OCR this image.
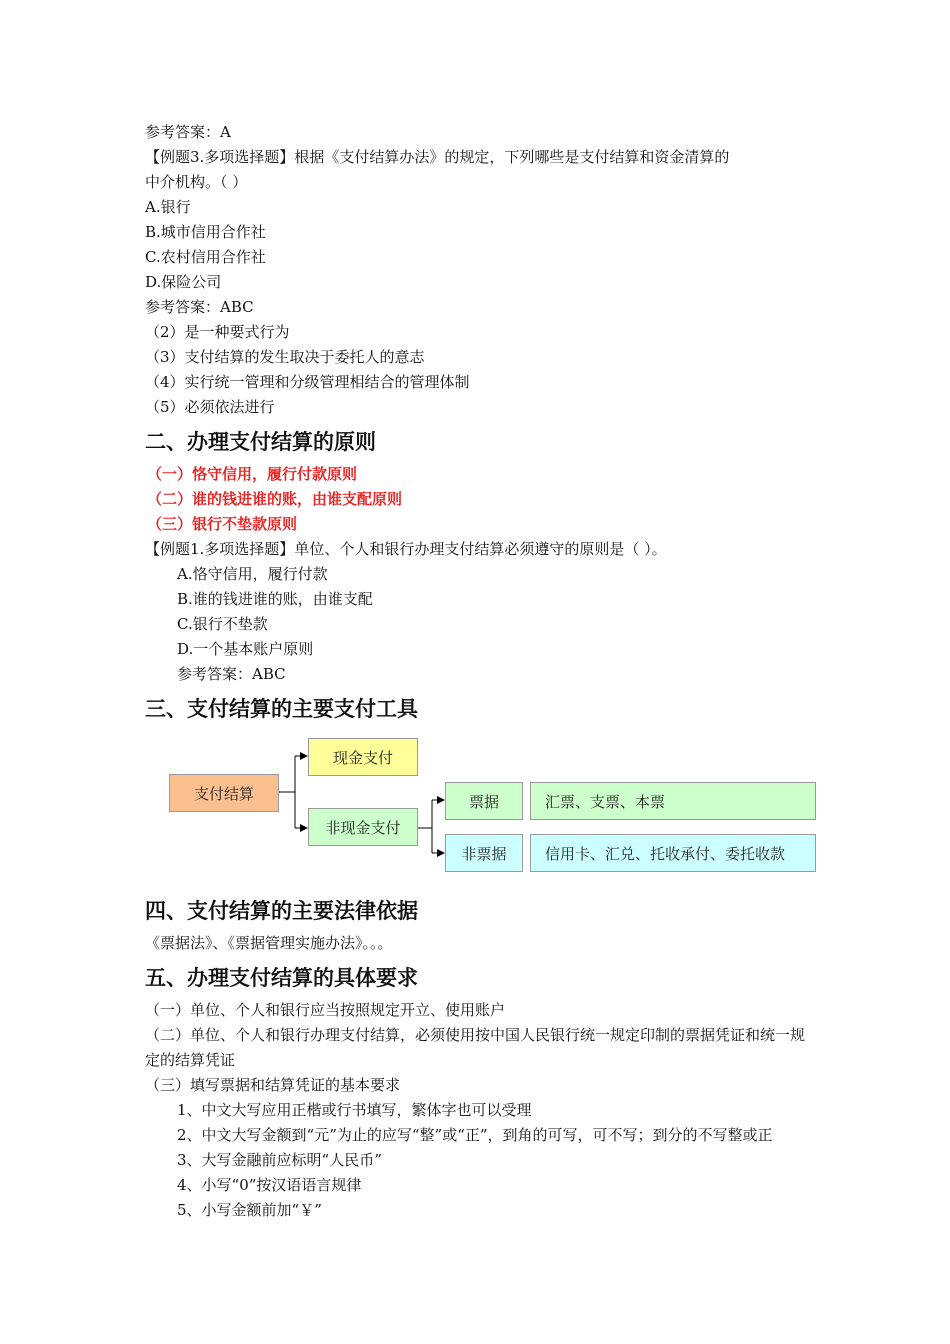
参考答案：A
【例题3.多项选择题】根据《支付结算办法》的规定，下列哪些是支付结算和资金清算的
中介机构。（ ）
A.银行
B.城市信用合作社
C.农村信用合作社
D.保险公司
参考答案：ABC
（2）是一种要式行为
（3）支付结算的发生取决于委托人的意志
（4）实行统一管理和分级管理相结合的管理体制
（5）必须依法进行
二、办理支付结算的原则
（一）恪守信用，履行付款原则
（二）谁的钱进谁的账，由谁支配原则
（三）银行不垫款原则
【例题1.多项选择题】单位、个人和银行办理支付结算必须遵守的原则是（ ）。
A.恪守信用，履行付款
B.谁的钱进谁的账，由谁支配
C.银行不垫款
D.一个基本账户原则
参考答案：ABC
三、支付结算的主要支付工具
支付结算
现金支付
非现金支付
票据	汇票、支票、本票
非票据	信用卡、汇兑、托收承付、委托收款
四、支付结算的主要法律依据
《票据法》、《票据管理实施办法》。。。
五、办理支付结算的具体要求
（一）单位、个人和银行应当按照规定开立、使用账户
（二）单位、个人和银行办理支付结算，必须使用按中国人民银行统一规定印制的票据凭证和统一规定的结算凭证
（三）填写票据和结算凭证的基本要求
1、中文大写应用正楷或行书填写，繁体字也可以受理
2、中文大写金额到“元”为止的应写“整”或“正”，到角的可写，可不写；到分的不写整或正
3、大写金融前应标明“人民币”
4、小写“0”按汉语语言规律
5、小写金额前加“￥”
